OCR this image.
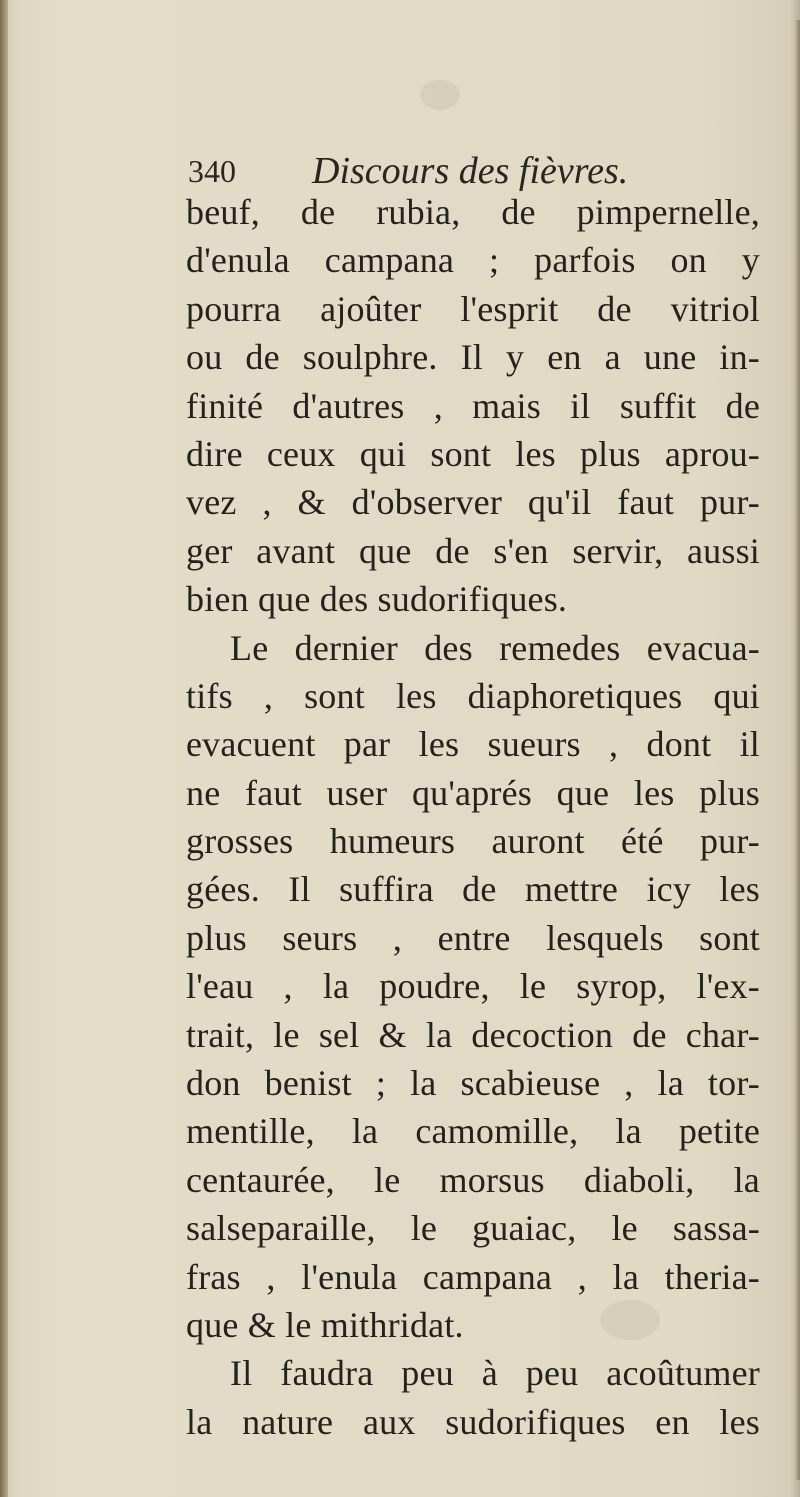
340 Discours des fièvres.
beuf, de rubia, de pimpernelle,
d'enula campana ; parfois on y
pourra ajoûter l'esprit de vitriol
ou de soulphre. Il y en a une in-
finité d'autres , mais il suffit de
dire ceux qui sont les plus aprou-
vez , & d'observer qu'il faut pur-
ger avant que de s'en servir, aussi
bien que des sudorifiques.
Le dernier des remedes evacua-
tifs , sont les diaphoretiques qui
evacuent par les sueurs , dont il
ne faut user qu'aprés que les plus
grosses humeurs auront été pur-
gées. Il suffira de mettre icy les
plus seurs , entre lesquels sont
l'eau , la poudre, le syrop, l'ex-
trait, le sel & la decoction de char-
don benist ; la scabieuse , la tor-
mentille, la camomille, la petite
centaurée, le morsus diaboli, la
salseparaille, le guaiac, le sassa-
fras , l'enula campana , la theria-
que & le mithridat.
Il faudra peu à peu acoûtumer
la nature aux sudorifiques en les
